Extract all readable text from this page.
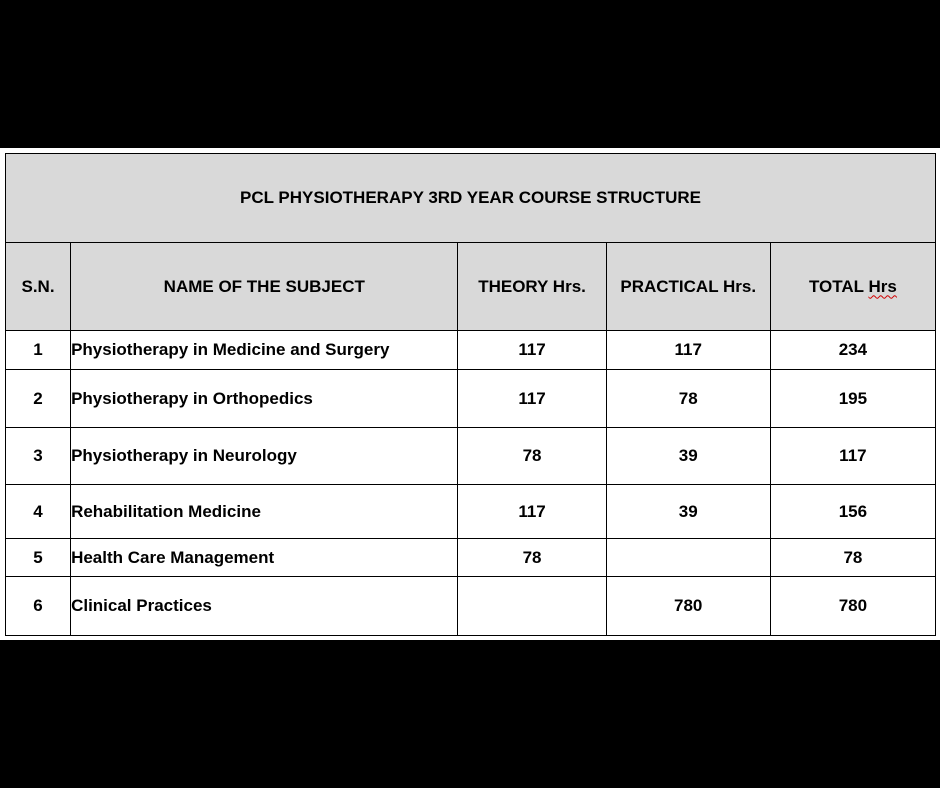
PCL PHYSIOTHERAPY 3RD YEAR COURSE STRUCTURE				
S.N.	NAME OF THE SUBJECT	THEORY Hrs.	PRACTICAL Hrs.	TOTAL Hrs
1	Physiotherapy in Medicine and Surgery	117	117	234
2	Physiotherapy in Orthopedics	117	78	195
3	Physiotherapy in Neurology	78	39	117
4	Rehabilitation Medicine	117	39	156
5	Health Care Management	78		78
6	Clinical Practices		780	780
